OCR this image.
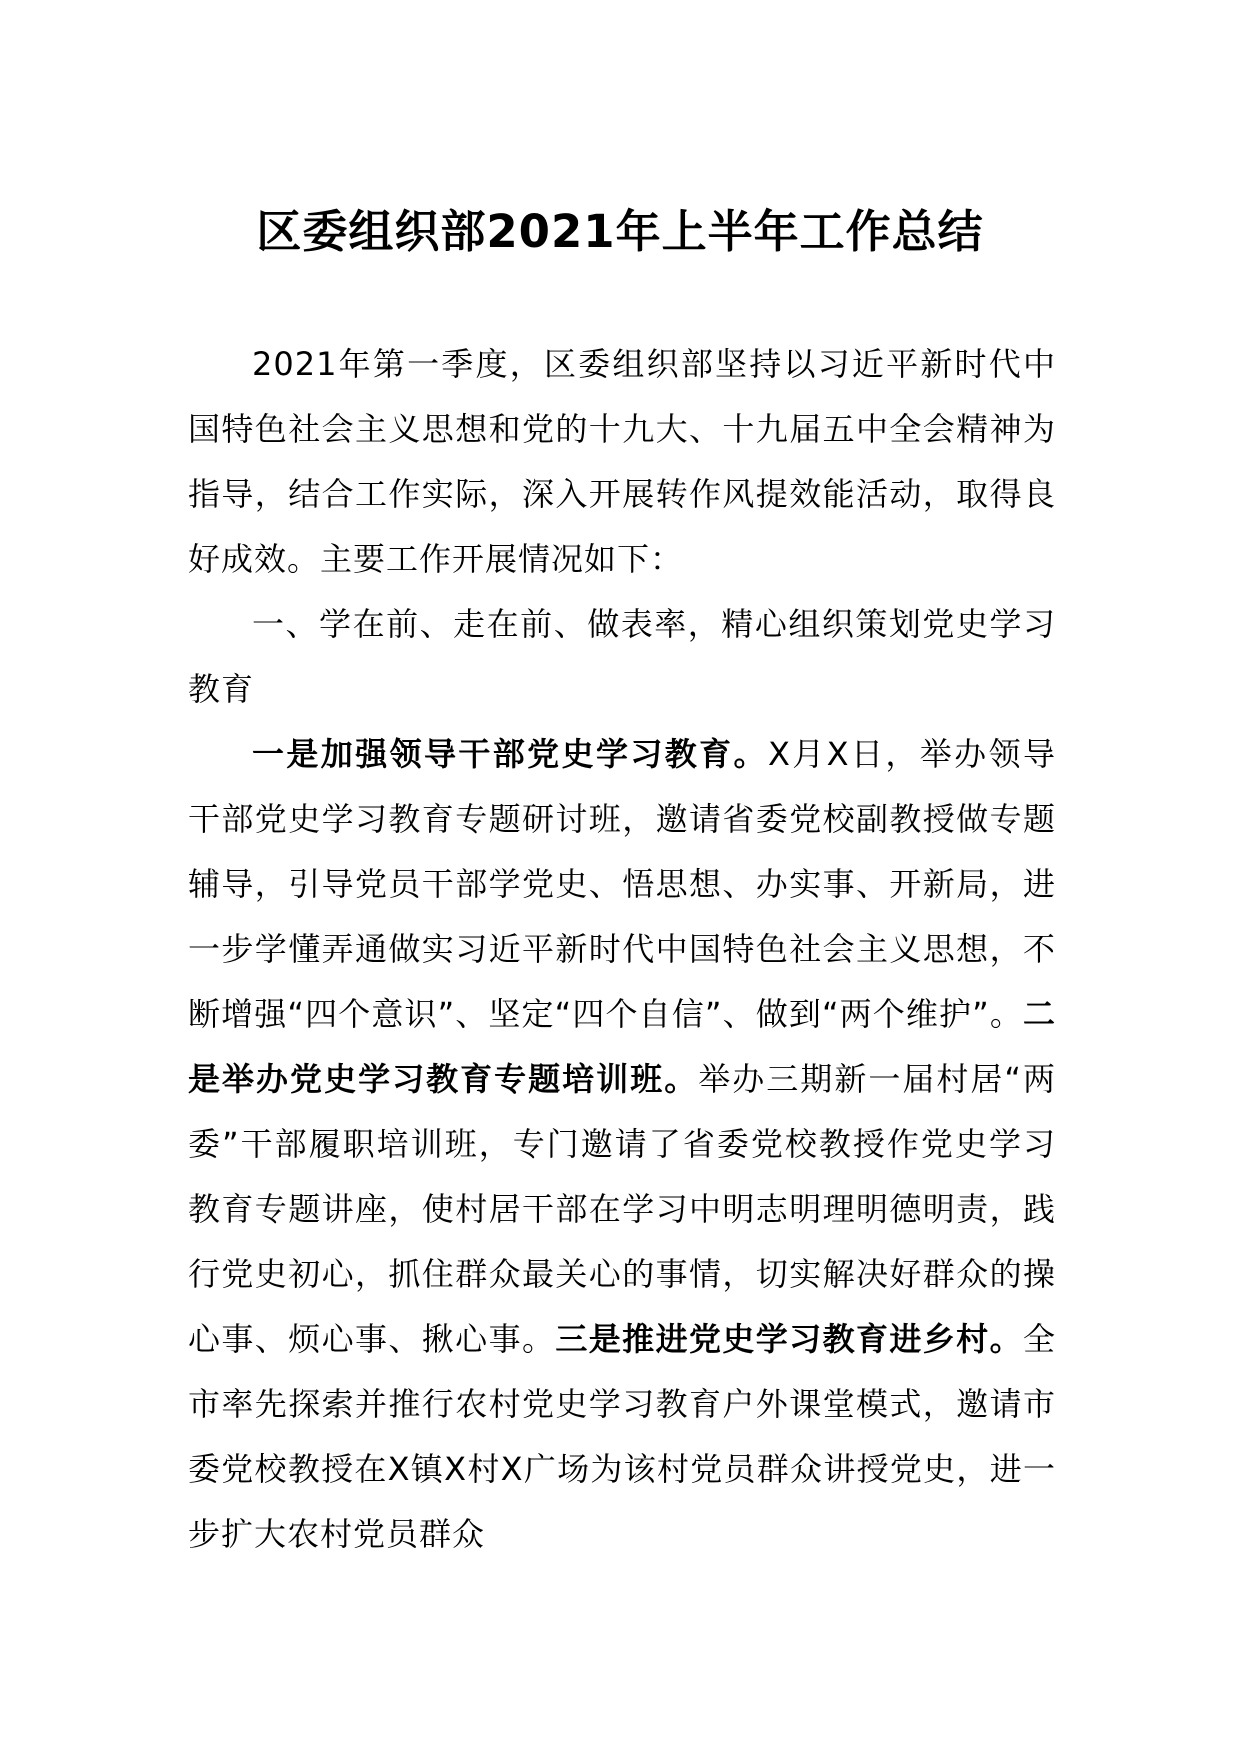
区委组织部2021年上半年工作总结

2021年第一季度，区委组织部坚持以习近平新时代中国特色社会主义思想和党的十九大、十九届五中全会精神为指导，结合工作实际，深入开展转作风提效能活动，取得良好成效。主要工作开展情况如下：

一、学在前、走在前、做表率，精心组织策划党史学习教育

一是加强领导干部党史学习教育。X月X日，举办领导干部党史学习教育专题研讨班，邀请省委党校副教授做专题辅导，引导党员干部学党史、悟思想、办实事、开新局，进一步学懂弄通做实习近平新时代中国特色社会主义思想，不断增强“四个意识”、坚定“四个自信”、做到“两个维护”。二是举办党史学习教育专题培训班。举办三期新一届村居“两委”干部履职培训班，专门邀请了省委党校教授作党史学习教育专题讲座，使村居干部在学习中明志明理明德明责，践行党史初心，抓住群众最关心的事情，切实解决好群众的操心事、烦心事、揪心事。三是推进党史学习教育进乡村。全市率先探索并推行农村党史学习教育户外课堂模式，邀请市委党校教授在X镇X村X广场为该村党员群众讲授党史，进一步扩大农村党员群众
